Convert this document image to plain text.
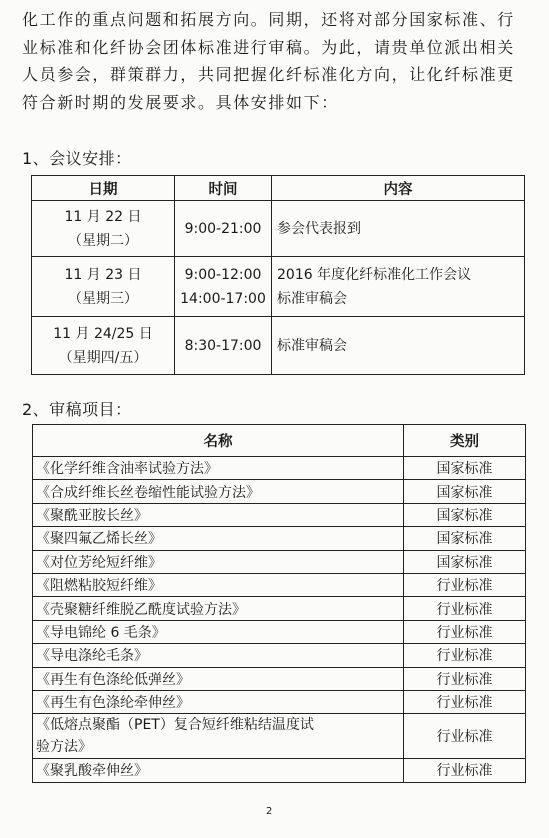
化工作的重点问题和拓展方向。同期，还将对部分国家标准、行
业标准和化纤协会团体标准进行审稿。为此，请贵单位派出相关
人员参会，群策群力，共同把握化纤标准化方向，让化纤标准更
符合新时期的发展要求。具体安排如下：
1、会议安排：
日期	时间	内容

11 月 22 日
（星期二）	9:00-21:00	参会代表报到

11 月 23 日
（星期三）	9:00-12:00
14:00-17:00	2016 年度化纤标准化工作会议
标准审稿会

11 月 24/25 日
（星期四/五）	8:30-17:00	标准审稿会
2、审稿项目：
名称	类别
《化学纤维含油率试验方法》	国家标准
《合成纤维长丝卷缩性能试验方法》	国家标准
《聚酰亚胺长丝》	国家标准
《聚四氟乙烯长丝》	国家标准
《对位芳纶短纤维》	国家标准
《阻燃粘胶短纤维》	行业标准
《壳聚糖纤维脱乙酰度试验方法》	行业标准
《导电锦纶 6 毛条》	行业标准
《导电涤纶毛条》	行业标准
《再生有色涤纶低弹丝》	行业标准
《再生有色涤纶牵伸丝》	行业标准

《低熔点聚酯（PET）复合短纤维粘结温度试
验方法》	行业标准
《聚乳酸牵伸丝》	行业标准
2
